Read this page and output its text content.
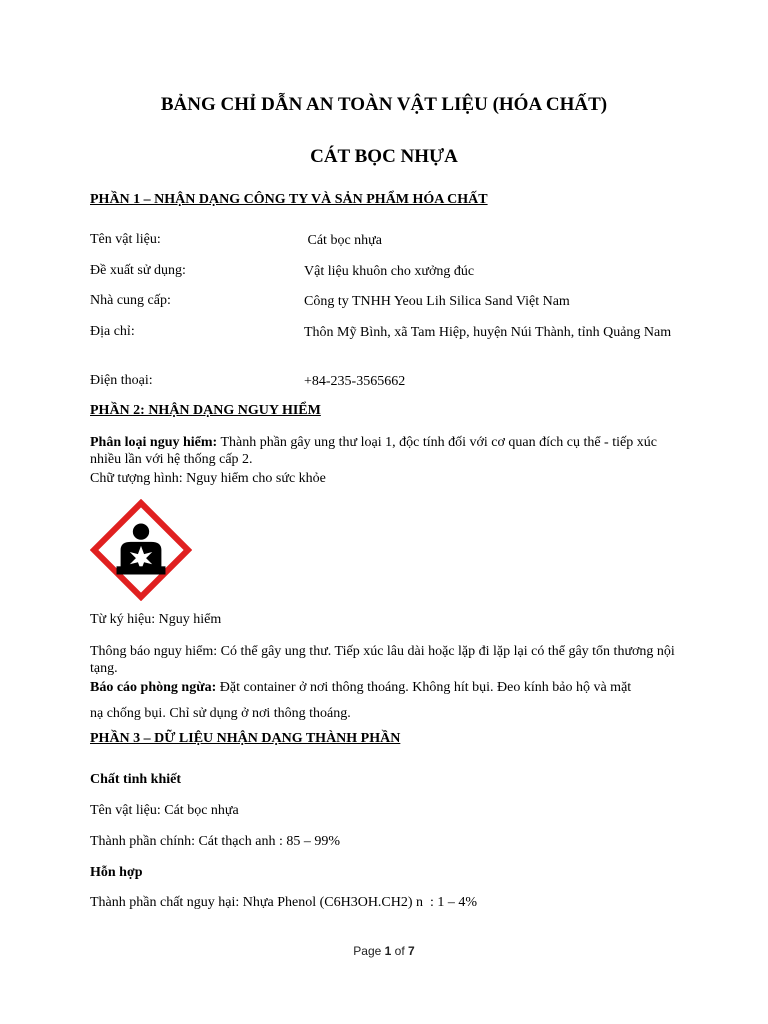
BẢNG CHỈ DẪN AN TOÀN VẬT LIỆU (HÓA CHẤT)
CÁT BỌC NHỰA
PHẦN 1 – NHẬN DẠNG CÔNG TY VÀ SẢN PHẨM HÓA CHẤT
Tên vật liệu:	Cát bọc nhựa
Đề xuất sử dụng:	Vật liệu khuôn cho xưởng đúc
Nhà cung cấp:	Công ty TNHH Yeou Lih Silica Sand Việt Nam
Địa chỉ:	Thôn Mỹ Bình, xã Tam Hiệp, huyện Núi Thành, tỉnh Quảng Nam
Điện thoại:	+84-235-3565662
PHẦN 2: NHẬN DẠNG NGUY HIỂM
Phân loại nguy hiểm: Thành phần gây ung thư loại 1, độc tính đối với cơ quan đích cụ thể - tiếp xúc nhiều lần với hệ thống cấp 2.
Chữ tượng hình: Nguy hiểm cho sức khỏe
Từ ký hiệu: Nguy hiểm
Thông báo nguy hiểm: Có thể gây ung thư. Tiếp xúc lâu dài hoặc lặp đi lặp lại có thể gây tổn thương nội tạng.
Báo cáo phòng ngừa: Đặt container ở nơi thông thoáng. Không hít bụi. Đeo kính bảo hộ và mặt
nạ chống bụi. Chỉ sử dụng ở nơi thông thoáng.
PHẦN 3 – DỮ LIỆU NHẬN DẠNG THÀNH PHẦN
Chất tinh khiết
Tên vật liệu: Cát bọc nhựa
Thành phần chính: Cát thạch anh : 85 – 99%
Hỗn hợp
Thành phần chất nguy hại: Nhựa Phenol (C6H3OH.CH2) n  : 1 – 4%
Page 1 of 7
